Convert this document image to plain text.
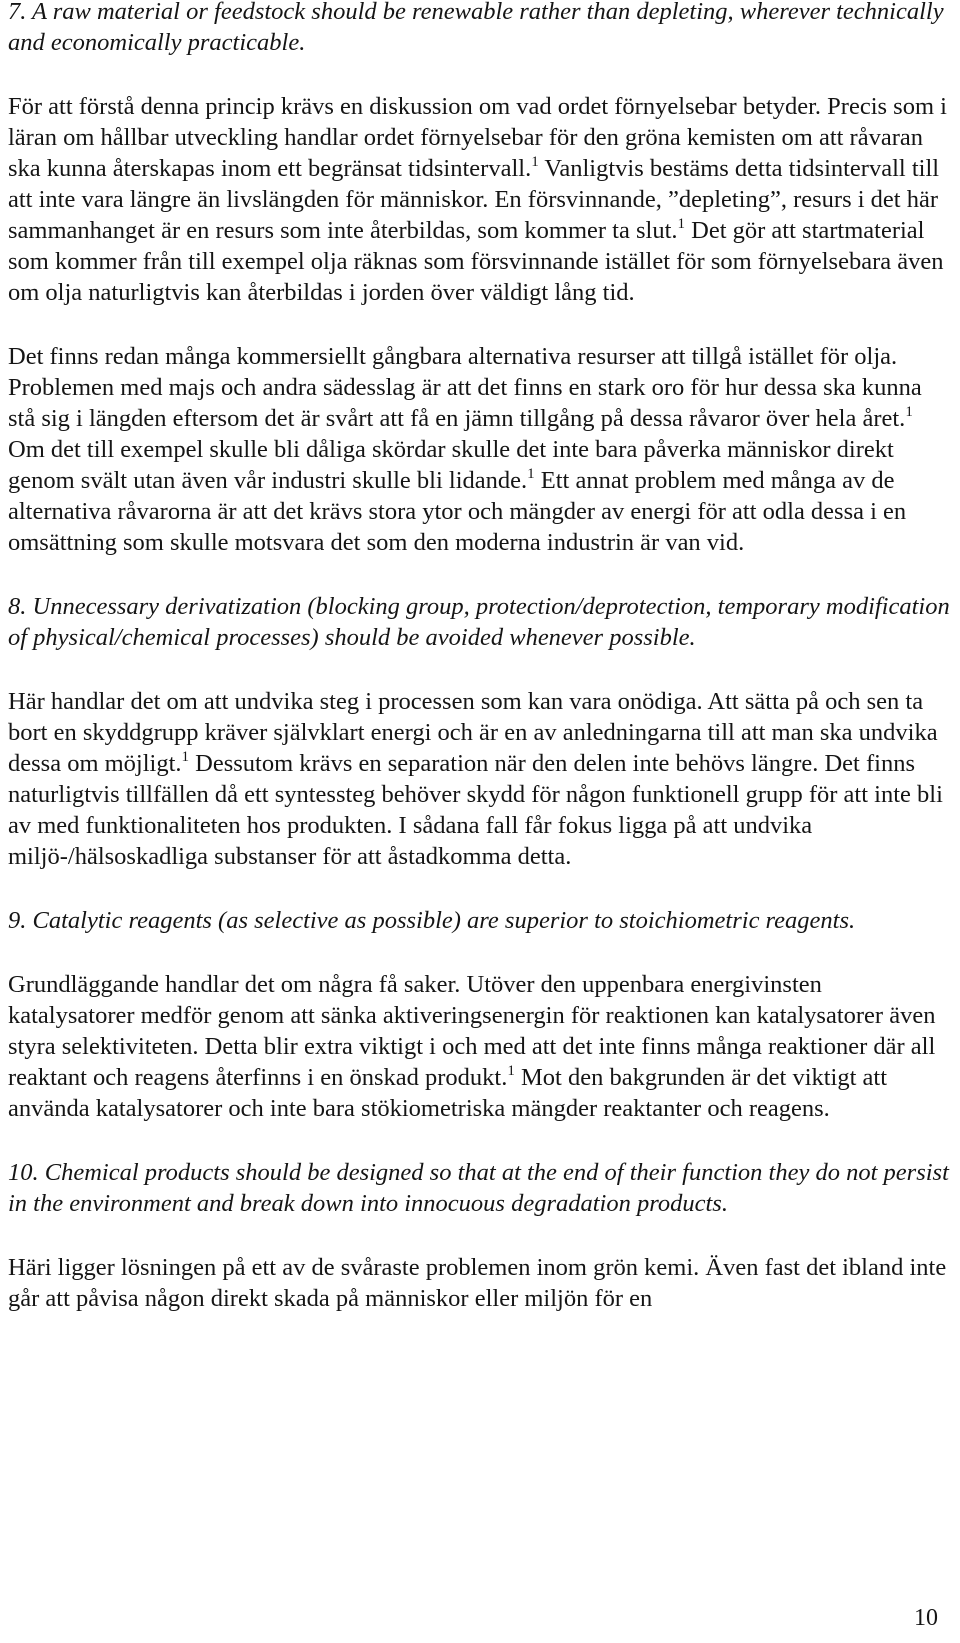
7. A raw material or feedstock should be renewable rather than depleting, wherever technically and economically practicable.

För att förstå denna princip krävs en diskussion om vad ordet förnyelsebar betyder. Precis som i läran om hållbar utveckling handlar ordet förnyelsebar för den gröna kemisten om att råvaran ska kunna återskapas inom ett begränsat tidsintervall.$^1$ Vanligtvis bestäms detta tidsintervall till att inte vara längre än livslängden för människor. En försvinnande, ”depleting”, resurs i det här sammanhanget är en resurs som inte återbildas, som kommer ta slut.$^1$ Det gör att startmaterial som kommer från till exempel olja räknas som försvinnande istället för som förnyelsebara även om olja naturligtvis kan återbildas i jorden över väldigt lång tid.

Det finns redan många kommersiellt gångbara alternativa resurser att tillgå istället för olja. Problemen med majs och andra sädesslag är att det finns en stark oro för hur dessa ska kunna stå sig i längden eftersom det är svårt att få en jämn tillgång på dessa råvaror över hela året.$^1$ Om det till exempel skulle bli dåliga skördar skulle det inte bara påverka människor direkt genom svält utan även vår industri skulle bli lidande.$^1$ Ett annat problem med många av de alternativa råvarorna är att det krävs stora ytor och mängder av energi för att odla dessa i en omsättning som skulle motsvara det som den moderna industrin är van vid.

8. Unnecessary derivatization (blocking group, protection/deprotection, temporary modification of physical/chemical processes) should be avoided whenever possible.

Här handlar det om att undvika steg i processen som kan vara onödiga. Att sätta på och sen ta bort en skyddgrupp kräver självklart energi och är en av anledningarna till att man ska undvika dessa om möjligt.$^1$ Dessutom krävs en separation när den delen inte behövs längre. Det finns naturligtvis tillfällen då ett syntessteg behöver skydd för någon funktionell grupp för att inte bli av med funktionaliteten hos produkten. I sådana fall får fokus ligga på att undvika miljö-/hälsoskadliga substanser för att åstadkomma detta.

9. Catalytic reagents (as selective as possible) are superior to stoichiometric reagents.

Grundläggande handlar det om några få saker. Utöver den uppenbara energivinsten katalysatorer medför genom att sänka aktiveringsenergin för reaktionen kan katalysatorer även styra selektiviteten. Detta blir extra viktigt i och med att det inte finns många reaktioner där all reaktant och reagens återfinns i en önskad produkt.$^1$ Mot den bakgrunden är det viktigt att använda katalysatorer och inte bara stökiometriska mängder reaktanter och reagens.

10. Chemical products should be designed so that at the end of their function they do not persist in the environment and break down into innocuous degradation products.

Häri ligger lösningen på ett av de svåraste problemen inom grön kemi. Även fast det ibland inte går att påvisa någon direkt skada på människor eller miljön för en

10
